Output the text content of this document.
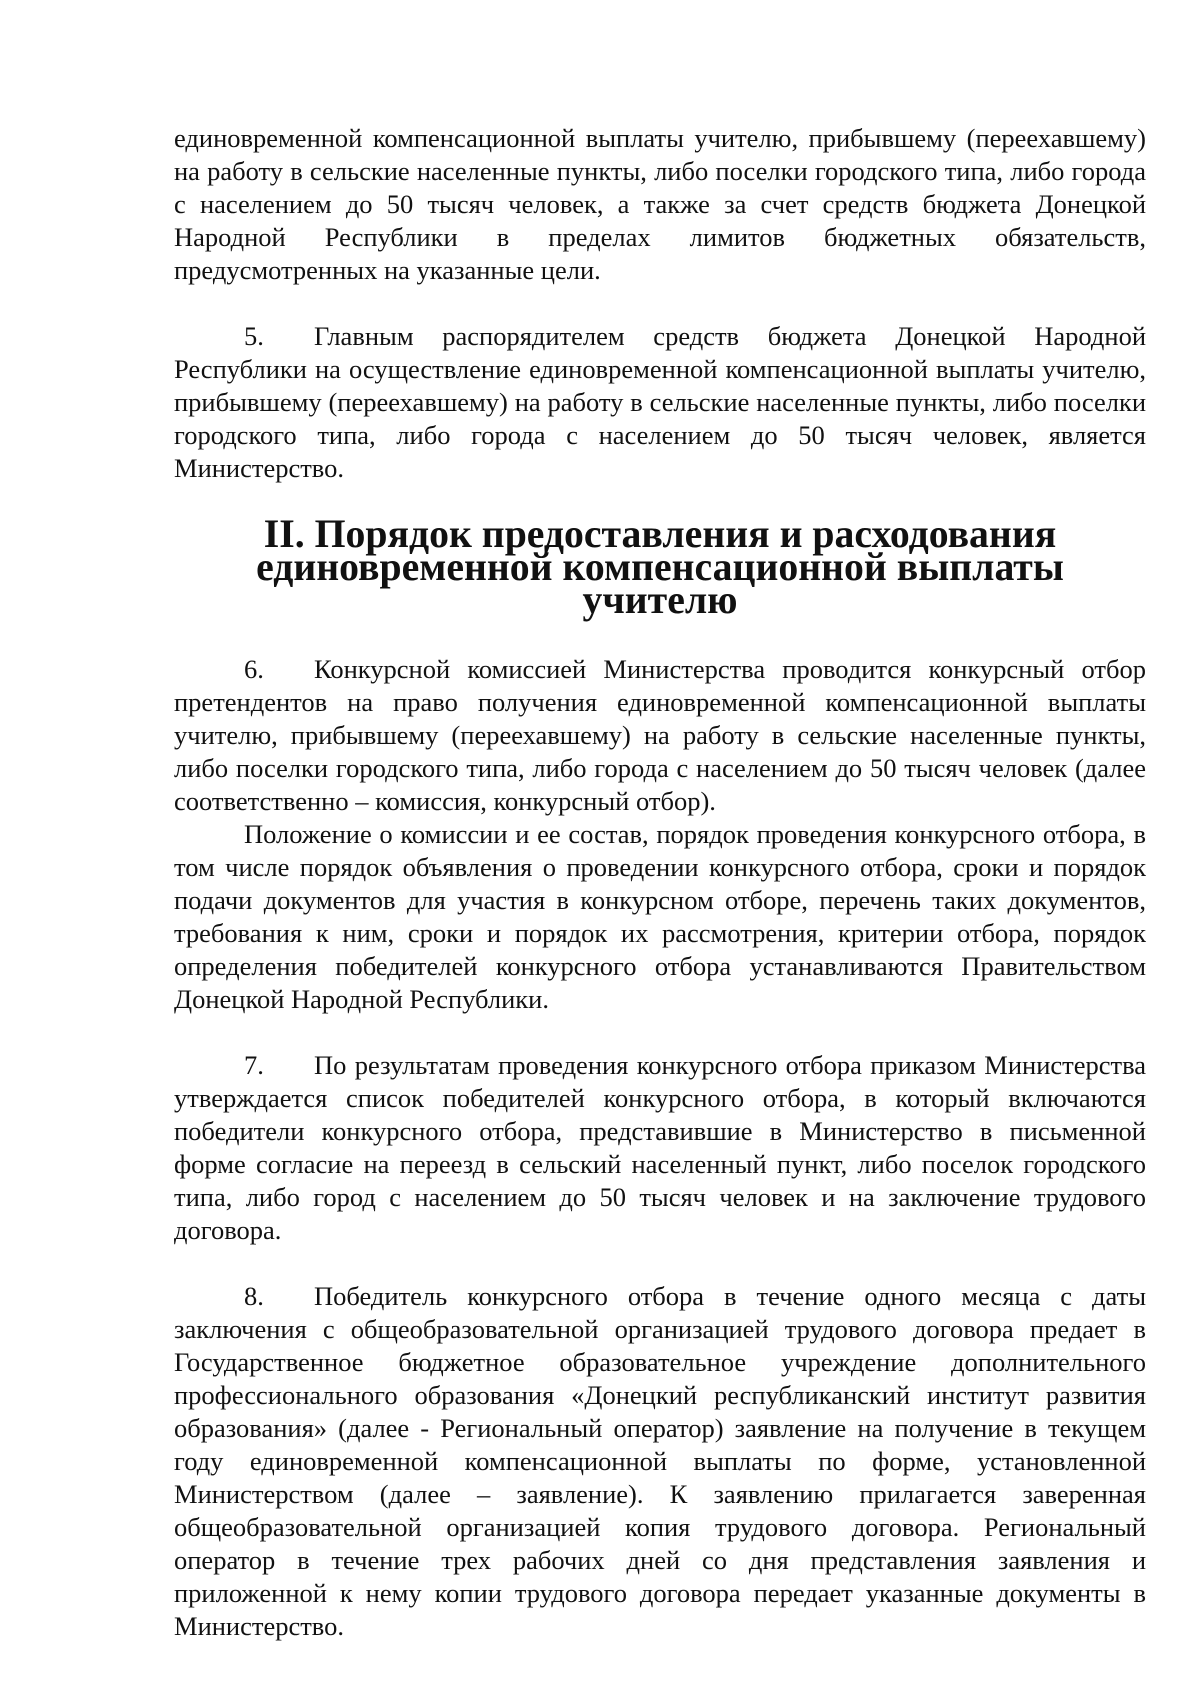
единовременной компенсационной выплаты учителю, прибывшему (переехавшему) на работу в сельские населенные пункты, либо поселки городского типа, либо города с населением до 50 тысяч человек, а также за счет средств бюджета Донецкой Народной Республики в пределах лимитов бюджетных обязательств, предусмотренных на указанные цели.

5. Главным распорядителем средств бюджета Донецкой Народной Республики на осуществление единовременной компенсационной выплаты учителю, прибывшему (переехавшему) на работу в сельские населенные пункты, либо поселки городского типа, либо города с населением до 50 тысяч человек, является Министерство.

II. Порядок предоставления и расходования
единовременной компенсационной выплаты учителю

6. Конкурсной комиссией Министерства проводится конкурсный отбор претендентов на право получения единовременной компенсационной выплаты учителю, прибывшему (переехавшему) на работу в сельские населенные пункты, либо поселки городского типа, либо города с населением до 50 тысяч человек (далее соответственно – комиссия, конкурсный отбор).

Положение о комиссии и ее состав, порядок проведения конкурсного отбора, в том числе порядок объявления о проведении конкурсного отбора, сроки и порядок подачи документов для участия в конкурсном отборе, перечень таких документов, требования к ним, сроки и порядок их рассмотрения, критерии отбора, порядок определения победителей конкурсного отбора устанавливаются Правительством Донецкой Народной Республики.

7. По результатам проведения конкурсного отбора приказом Министерства утверждается список победителей конкурсного отбора, в который включаются победители конкурсного отбора, представившие в Министерство в письменной форме согласие на переезд в сельский населенный пункт, либо поселок городского типа, либо город с населением до 50 тысяч человек и на заключение трудового договора.

8. Победитель конкурсного отбора в течение одного месяца с даты заключения с общеобразовательной организацией трудового договора предает в Государственное бюджетное образовательное учреждение дополнительного профессионального образования «Донецкий республиканский институт развития образования» (далее - Региональный оператор) заявление на получение в текущем году единовременной компенсационной выплаты по форме, установленной Министерством (далее – заявление). К заявлению прилагается заверенная общеобразовательной организацией копия трудового договора. Региональный оператор в течение трех рабочих дней со дня представления заявления и приложенной к нему копии трудового договора передает указанные документы в Министерство.
